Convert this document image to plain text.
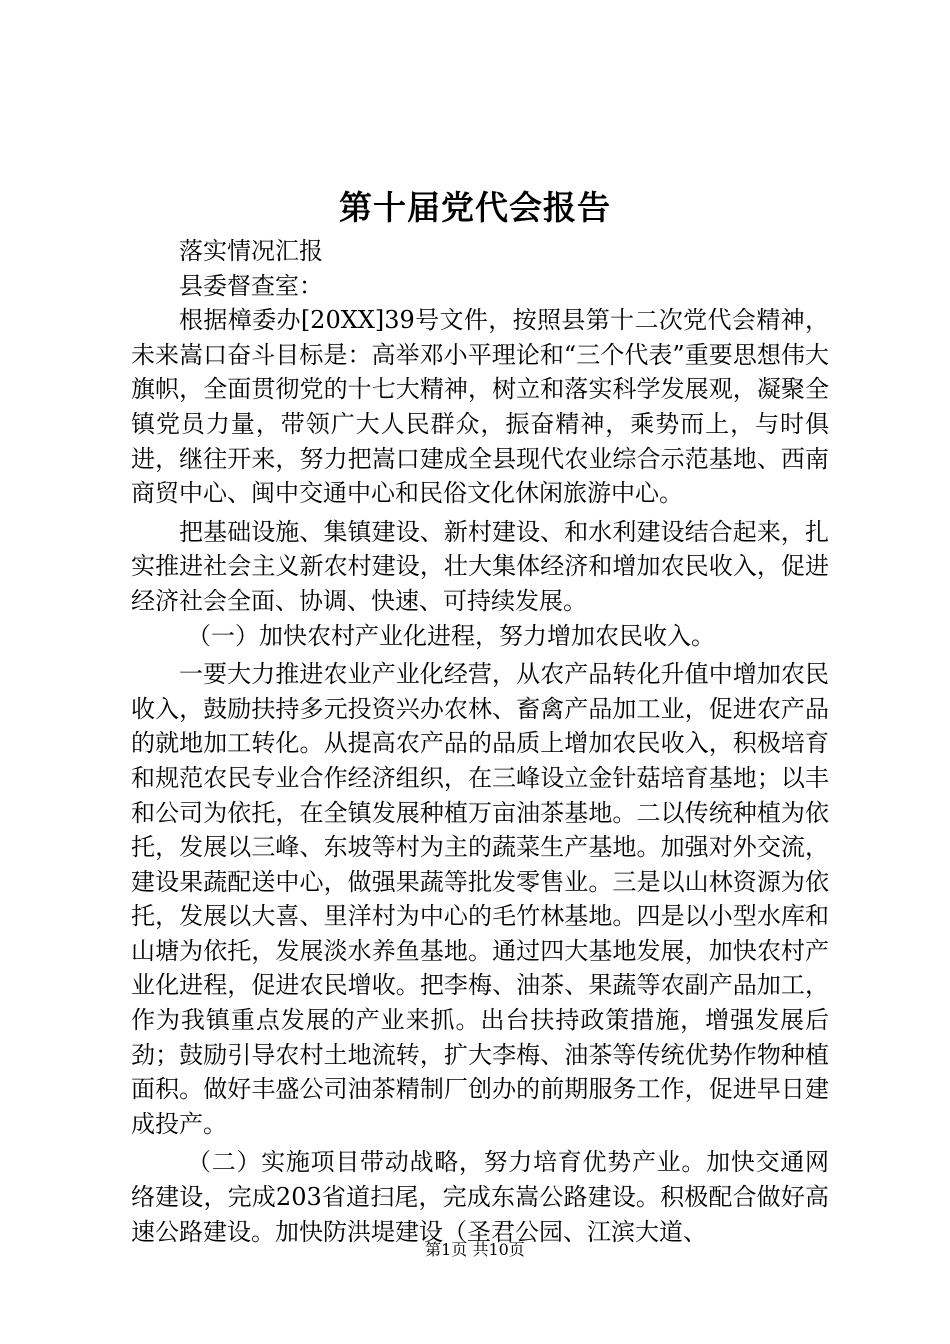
第十届党代会报告

落实情况汇报

县委督查室：

根据樟委办[20XX]39号文件，按照县第十二次党代会精神，未来嵩口奋斗目标是：高举邓小平理论和“三个代表”重要思想伟大旗帜，全面贯彻党的十七大精神，树立和落实科学发展观，凝聚全镇党员力量，带领广大人民群众，振奋精神，乘势而上，与时俱进，继往开来，努力把嵩口建成全县现代农业综合示范基地、西南商贸中心、闽中交通中心和民俗文化休闲旅游中心。

把基础设施、集镇建设、新村建设、和水利建设结合起来，扎实推进社会主义新农村建设，壮大集体经济和增加农民收入，促进经济社会全面、协调、快速、可持续发展。

（一）加快农村产业化进程，努力增加农民收入。

一要大力推进农业产业化经营，从农产品转化升值中增加农民收入，鼓励扶持多元投资兴办农林、畜禽产品加工业，促进农产品的就地加工转化。从提高农产品的品质上增加农民收入，积极培育和规范农民专业合作经济组织，在三峰设立金针菇培育基地；以丰和公司为依托，在全镇发展种植万亩油茶基地。二以传统种植为依托，发展以三峰、东坡等村为主的蔬菜生产基地。加强对外交流，建设果蔬配送中心，做强果蔬等批发零售业。三是以山林资源为依托，发展以大喜、里洋村为中心的毛竹林基地。四是以小型水库和山塘为依托，发展淡水养鱼基地。通过四大基地发展，加快农村产业化进程，促进农民增收。把李梅、油茶、果蔬等农副产品加工，作为我镇重点发展的产业来抓。出台扶持政策措施，增强发展后劲；鼓励引导农村土地流转，扩大李梅、油茶等传统优势作物种植面积。做好丰盛公司油茶精制厂创办的前期服务工作，促进早日建成投产。

（二）实施项目带动战略，努力培育优势产业。加快交通网络建设，完成203省道扫尾，完成东嵩公路建设。积极配合做好高速公路建设。加快防洪堤建设（圣君公园、江滨大道、

第1页 共10页
